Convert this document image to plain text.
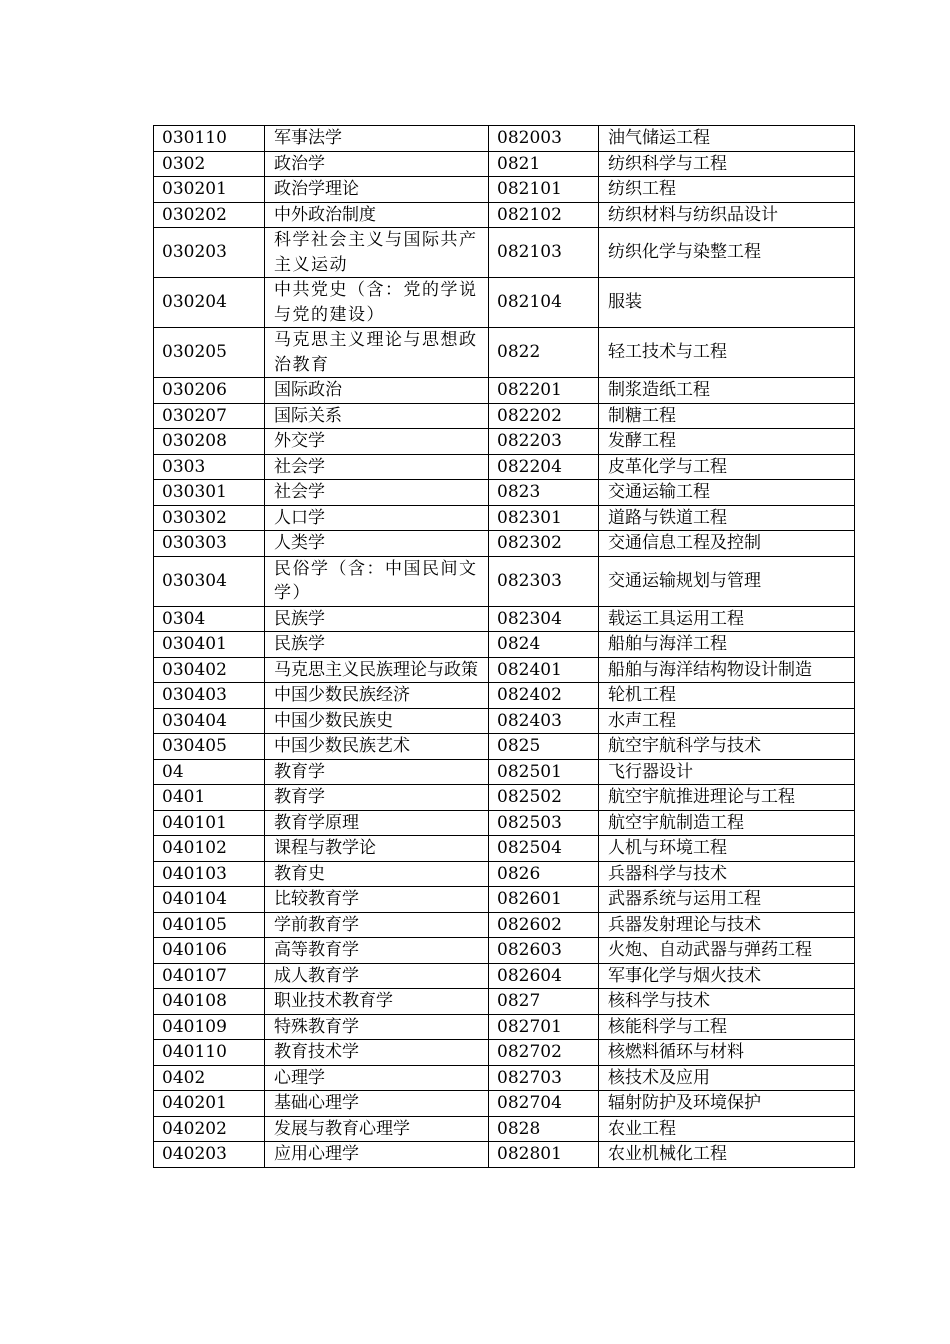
030110	军事法学	082003	油气储运工程
0302	政治学	0821	纺织科学与工程
030201	政治学理论	082101	纺织工程
030202	中外政治制度	082102	纺织材料与纺织品设计
030203	科学社会主义与国际共产主义运动	082103	纺织化学与染整工程
030204	中共党史（含：党的学说与党的建设）	082104	服装
030205	马克思主义理论与思想政治教育	0822	轻工技术与工程
030206	国际政治	082201	制浆造纸工程
030207	国际关系	082202	制糖工程
030208	外交学	082203	发酵工程
0303	社会学	082204	皮革化学与工程
030301	社会学	0823	交通运输工程
030302	人口学	082301	道路与铁道工程
030303	人类学	082302	交通信息工程及控制
030304	民俗学（含：中国民间文学）	082303	交通运输规划与管理
0304	民族学	082304	载运工具运用工程
030401	民族学	0824	船舶与海洋工程
030402	马克思主义民族理论与政策	082401	船舶与海洋结构物设计制造
030403	中国少数民族经济	082402	轮机工程
030404	中国少数民族史	082403	水声工程
030405	中国少数民族艺术	0825	航空宇航科学与技术
04	教育学	082501	飞行器设计
0401	教育学	082502	航空宇航推进理论与工程
040101	教育学原理	082503	航空宇航制造工程
040102	课程与教学论	082504	人机与环境工程
040103	教育史	0826	兵器科学与技术
040104	比较教育学	082601	武器系统与运用工程
040105	学前教育学	082602	兵器发射理论与技术
040106	高等教育学	082603	火炮、自动武器与弹药工程
040107	成人教育学	082604	军事化学与烟火技术
040108	职业技术教育学	0827	核科学与技术
040109	特殊教育学	082701	核能科学与工程
040110	教育技术学	082702	核燃料循环与材料
0402	心理学	082703	核技术及应用
040201	基础心理学	082704	辐射防护及环境保护
040202	发展与教育心理学	0828	农业工程
040203	应用心理学	082801	农业机械化工程
